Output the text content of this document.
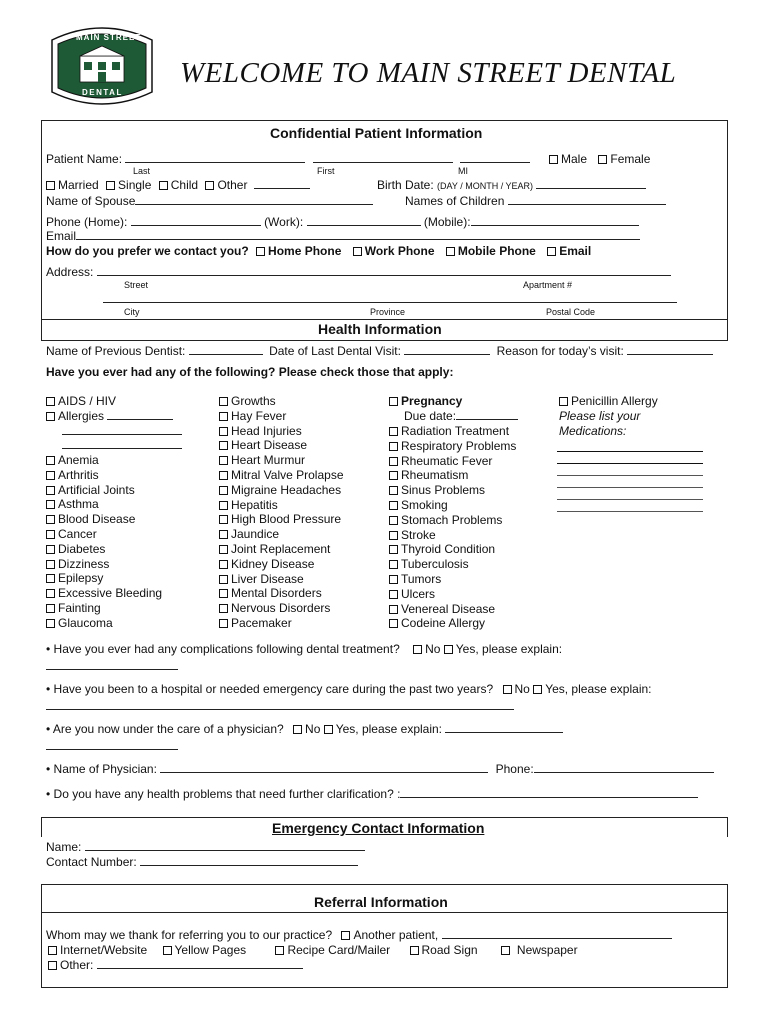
MAIN STREET
DENTAL
WELCOME TO MAIN STREET DENTAL
Confidential Patient Information
Patient Name:
Last	First	MI
Male Female
Married Single Child Other	Birth Date: (DAY / MONTH / YEAR)
Name of Spouse	Names of Children
Phone (Home):	(Work):	(Mobile):
Email
How do you prefer we contact you? Home Phone Work Phone Mobile Phone Email
Address:
Street	Apartment #
City	Province	Postal Code
Health Information
Name of Previous Dentist:	Date of Last Dental Visit:	Reason for today’s visit:
Have you ever had any of the following? Please check those that apply:
AIDS / HIV
Allergies
Anemia
Arthritis
Artificial Joints
Asthma
Blood Disease
Cancer
Diabetes
Dizziness
Epilepsy
Excessive Bleeding
Fainting
Glaucoma
Growths
Hay Fever
Head Injuries
Heart Disease
Heart Murmur
Mitral Valve Prolapse
Migraine Headaches
Hepatitis
High Blood Pressure
Jaundice
Joint Replacement
Kidney Disease
Liver Disease
Mental Disorders
Nervous Disorders
Pacemaker
Pregnancy
Due date:
Radiation Treatment
Respiratory Problems
Rheumatic Fever
Rheumatism
Sinus Problems
Smoking
Stomach Problems
Stroke
Thyroid Condition
Tuberculosis
Tumors
Ulcers
Venereal Disease
Codeine Allergy
Penicillin Allergy
Please list your
Medications:
• Have you ever had any complications following dental treatment? No Yes, please explain:
• Have you been to a hospital or needed emergency care during the past two years? No Yes, please explain:
• Are you now under the care of a physician? No Yes, please explain:
• Name of Physician:	Phone:
• Do you have any health problems that need further clarification? :
Emergency Contact Information
Name:
Contact Number:
Referral Information
Whom may we thank for referring you to our practice? Another patient,
Internet/Website Yellow Pages	Recipe Card/Mailer	Road Sign	Newspaper
Other:
